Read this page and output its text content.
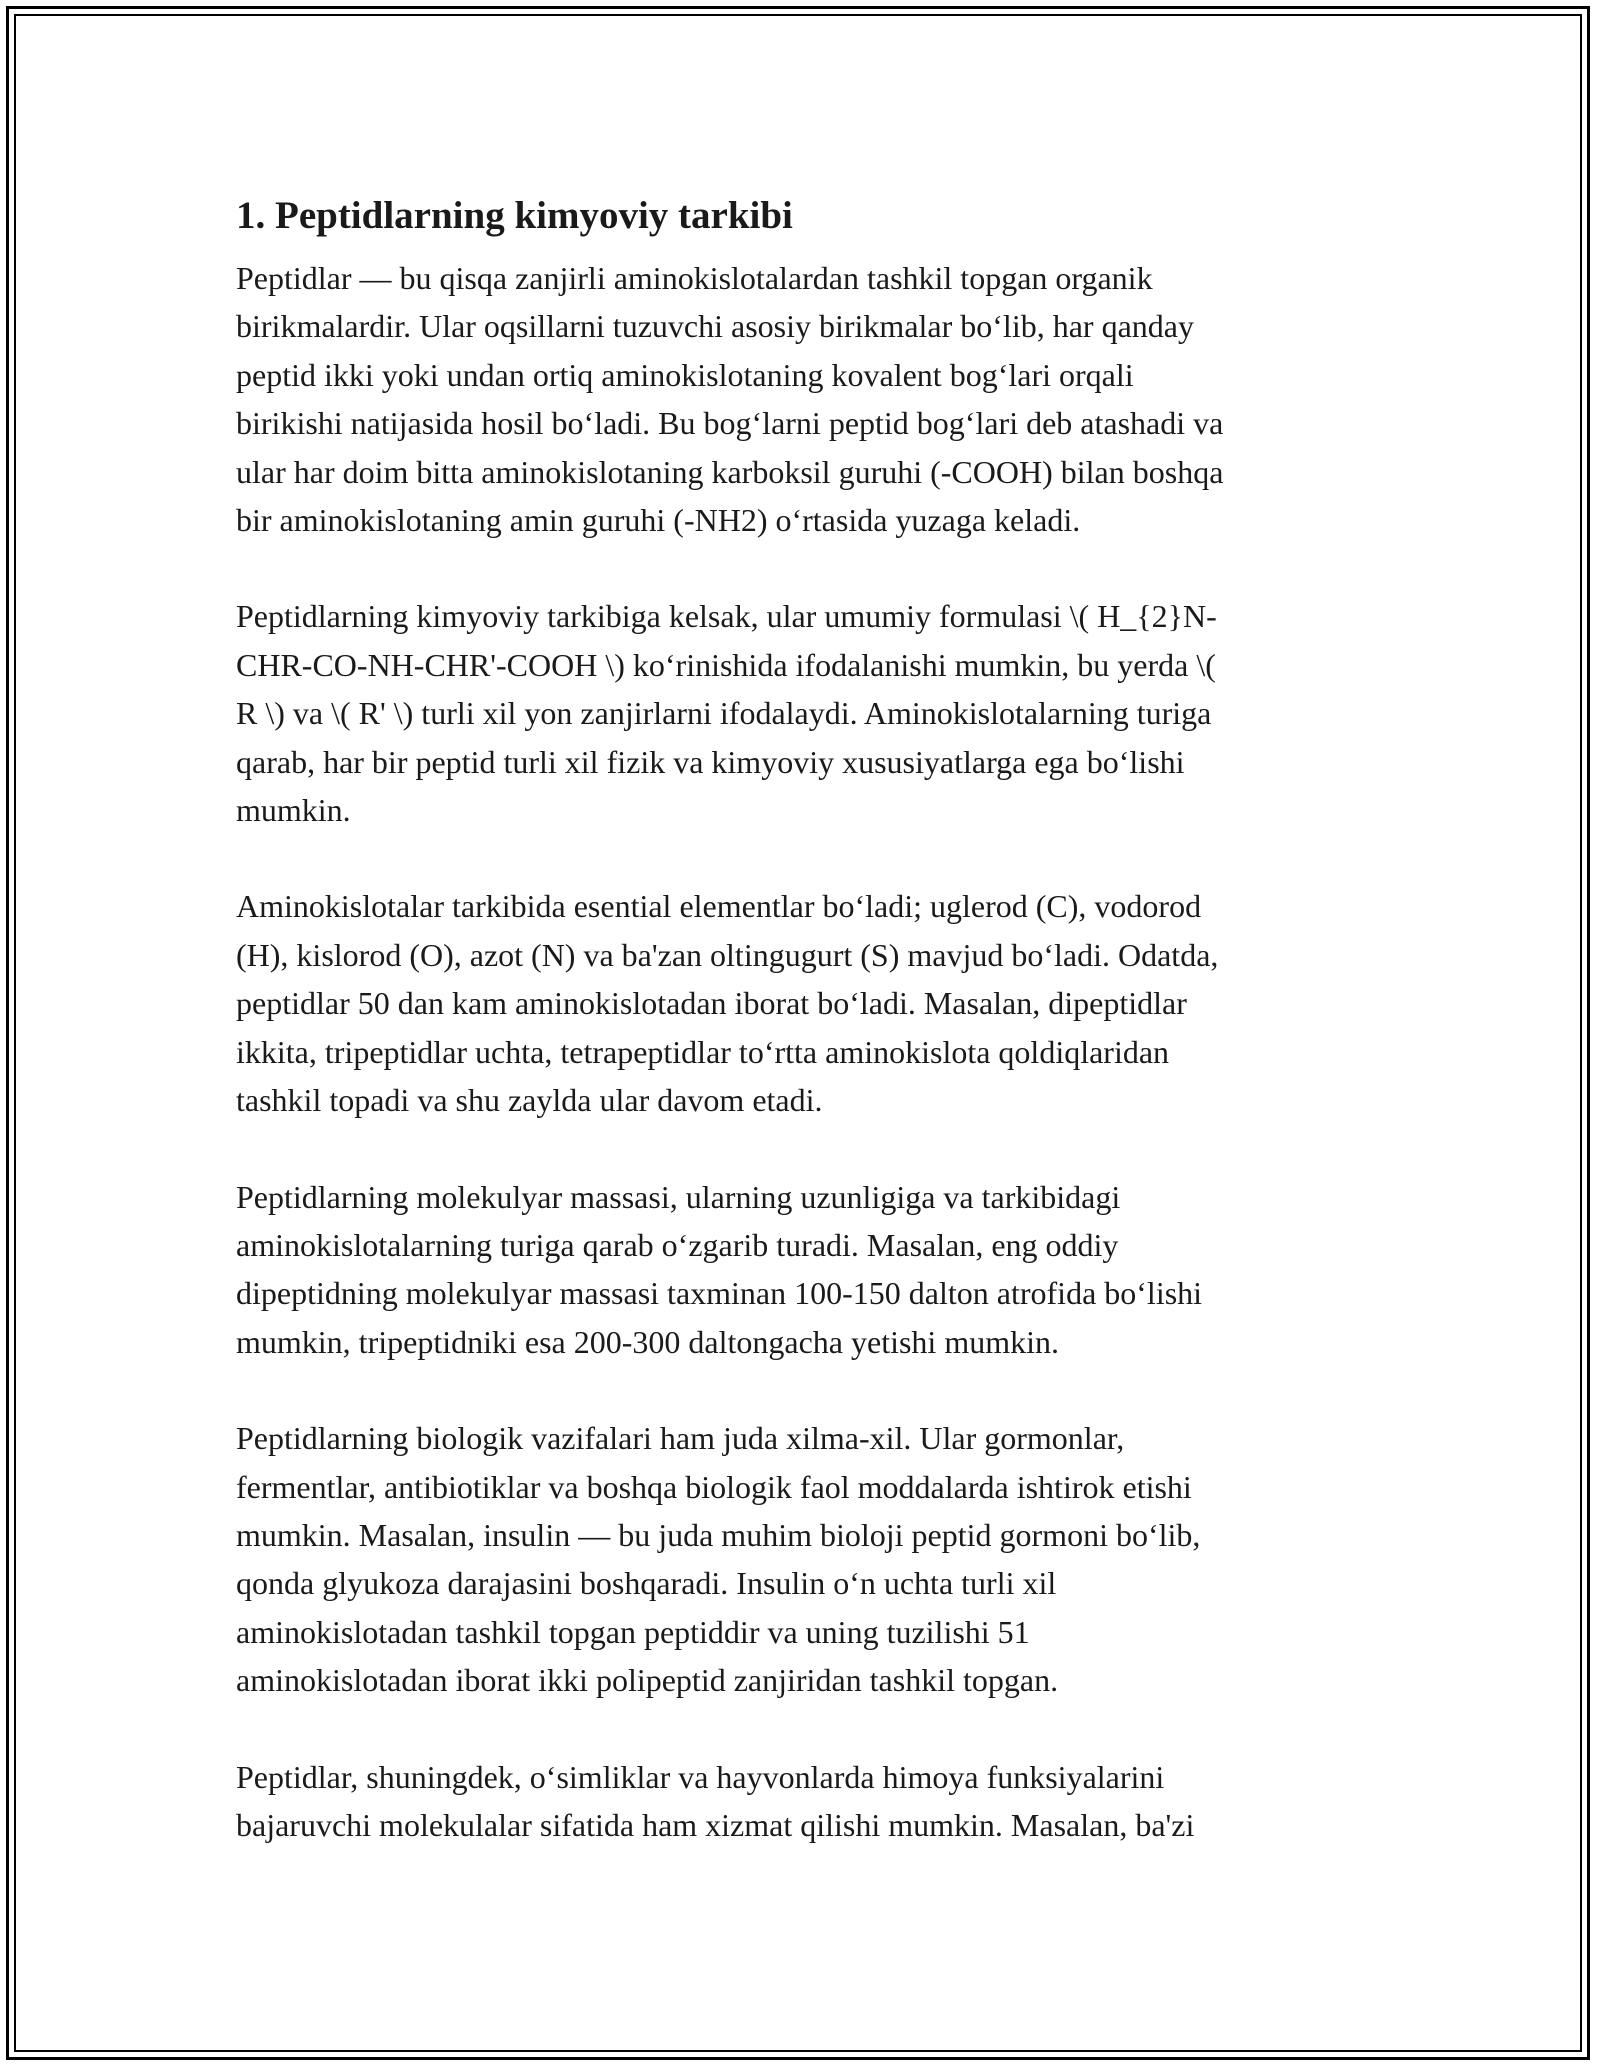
1. Peptidlarning kimyoviy tarkibi

Peptidlar — bu qisqa zanjirli aminokislotalardan tashkil topgan organik
birikmalardir. Ular oqsillarni tuzuvchi asosiy birikmalar bo‘lib, har qanday
peptid ikki yoki undan ortiq aminokislotaning kovalent bog‘lari orqali
birikishi natijasida hosil bo‘ladi. Bu bog‘larni peptid bog‘lari deb atashadi va
ular har doim bitta aminokislotaning karboksil guruhi (-COOH) bilan boshqa
bir aminokislotaning amin guruhi (-NH2) o‘rtasida yuzaga keladi.

Peptidlarning kimyoviy tarkibiga kelsak, ular umumiy formulasi \( H_{2}N-
CHR-CO-NH-CHR'-COOH \) ko‘rinishida ifodalanishi mumkin, bu yerda \(
R \) va \( R' \) turli xil yon zanjirlarni ifodalaydi. Aminokislotalarning turiga
qarab, har bir peptid turli xil fizik va kimyoviy xususiyatlarga ega bo‘lishi
mumkin.

Aminokislotalar tarkibida esential elementlar bo‘ladi; uglerod (C), vodorod
(H), kislorod (O), azot (N) va ba'zan oltingugurt (S) mavjud bo‘ladi. Odatda,
peptidlar 50 dan kam aminokislotadan iborat bo‘ladi. Masalan, dipeptidlar
ikkita, tripeptidlar uchta, tetrapeptidlar to‘rtta aminokislota qoldiqlaridan
tashkil topadi va shu zaylda ular davom etadi.

Peptidlarning molekulyar massasi, ularning uzunligiga va tarkibidagi
aminokislotalarning turiga qarab o‘zgarib turadi. Masalan, eng oddiy
dipeptidning molekulyar massasi taxminan 100-150 dalton atrofida bo‘lishi
mumkin, tripeptidniki esa 200-300 daltongacha yetishi mumkin.

Peptidlarning biologik vazifalari ham juda xilma-xil. Ular gormonlar,
fermentlar, antibiotiklar va boshqa biologik faol moddalarda ishtirok etishi
mumkin. Masalan, insulin — bu juda muhim bioloji peptid gormoni bo‘lib,
qonda glyukoza darajasini boshqaradi. Insulin o‘n uchta turli xil
aminokislotadan tashkil topgan peptiddir va uning tuzilishi 51
aminokislotadan iborat ikki polipeptid zanjiridan tashkil topgan.

Peptidlar, shuningdek, o‘simliklar va hayvonlarda himoya funksiyalarini
bajaruvchi molekulalar sifatida ham xizmat qilishi mumkin. Masalan, ba'zi
